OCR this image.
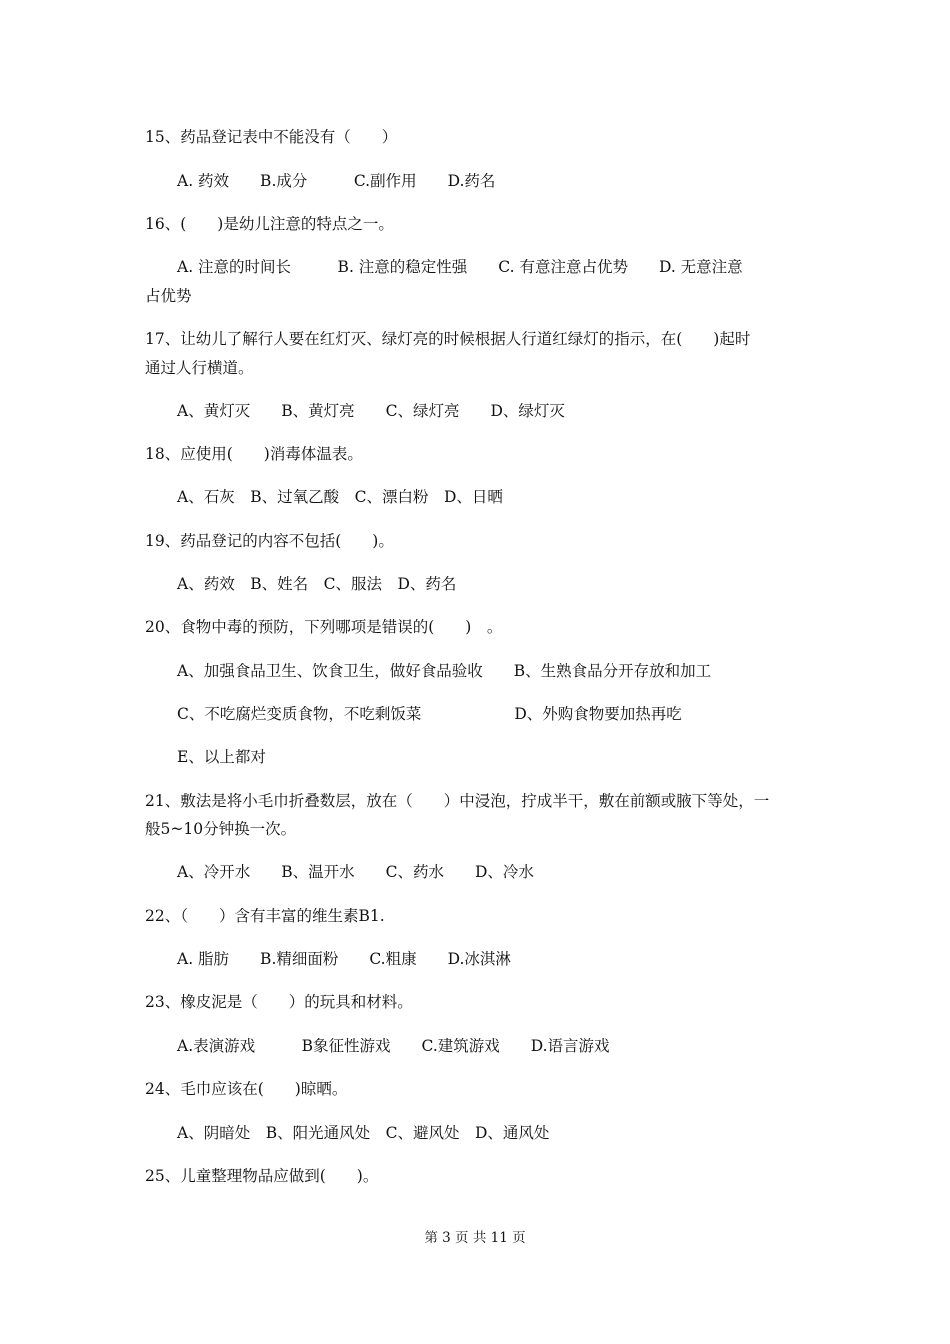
15、药品登记表中不能没有（　　）
A. 药效　　B.成分　　　C.副作用　　D.药名
16、(　　)是幼儿注意的特点之一。
A. 注意的时间长　　　B. 注意的稳定性强　　C. 有意注意占优势　　D. 无意注意
占优势
17、让幼儿了解行人要在红灯灭、绿灯亮的时候根据人行道红绿灯的指示，在(　　)起时
通过人行横道。
A、黄灯灭　　B、黄灯亮　　C、绿灯亮　　D、绿灯灭
18、应使用(　　)消毒体温表。
A、石灰　B、过氧乙酸　C、漂白粉　D、日晒
19、药品登记的内容不包括(　　)。
A、药效　B、姓名　C、服法　D、药名
20、食物中毒的预防，下列哪项是错误的(　　)　。
A、加强食品卫生、饮食卫生，做好食品验收　　B、生熟食品分开存放和加工
C、不吃腐烂变质食物，不吃剩饭菜　　　　　　D、外购食物要加热再吃
E、以上都对
21、敷法是将小毛巾折叠数层，放在（　　）中浸泡，拧成半干，敷在前额或腋下等处，一
般5~10分钟换一次。
A、冷开水　　B、温开水　　C、药水　　D、冷水
22、（　　）含有丰富的维生素B1.
A. 脂肪　　B.精细面粉　　C.粗康　　D.冰淇淋
23、橡皮泥是（　　）的玩具和材料。
A.表演游戏　　　B象征性游戏　　C.建筑游戏　　D.语言游戏
24、毛巾应该在(　　)晾晒。
A、阴暗处　B、阳光通风处　C、避风处　D、通风处
25、儿童整理物品应做到(　　)。
第 3 页 共 11 页
